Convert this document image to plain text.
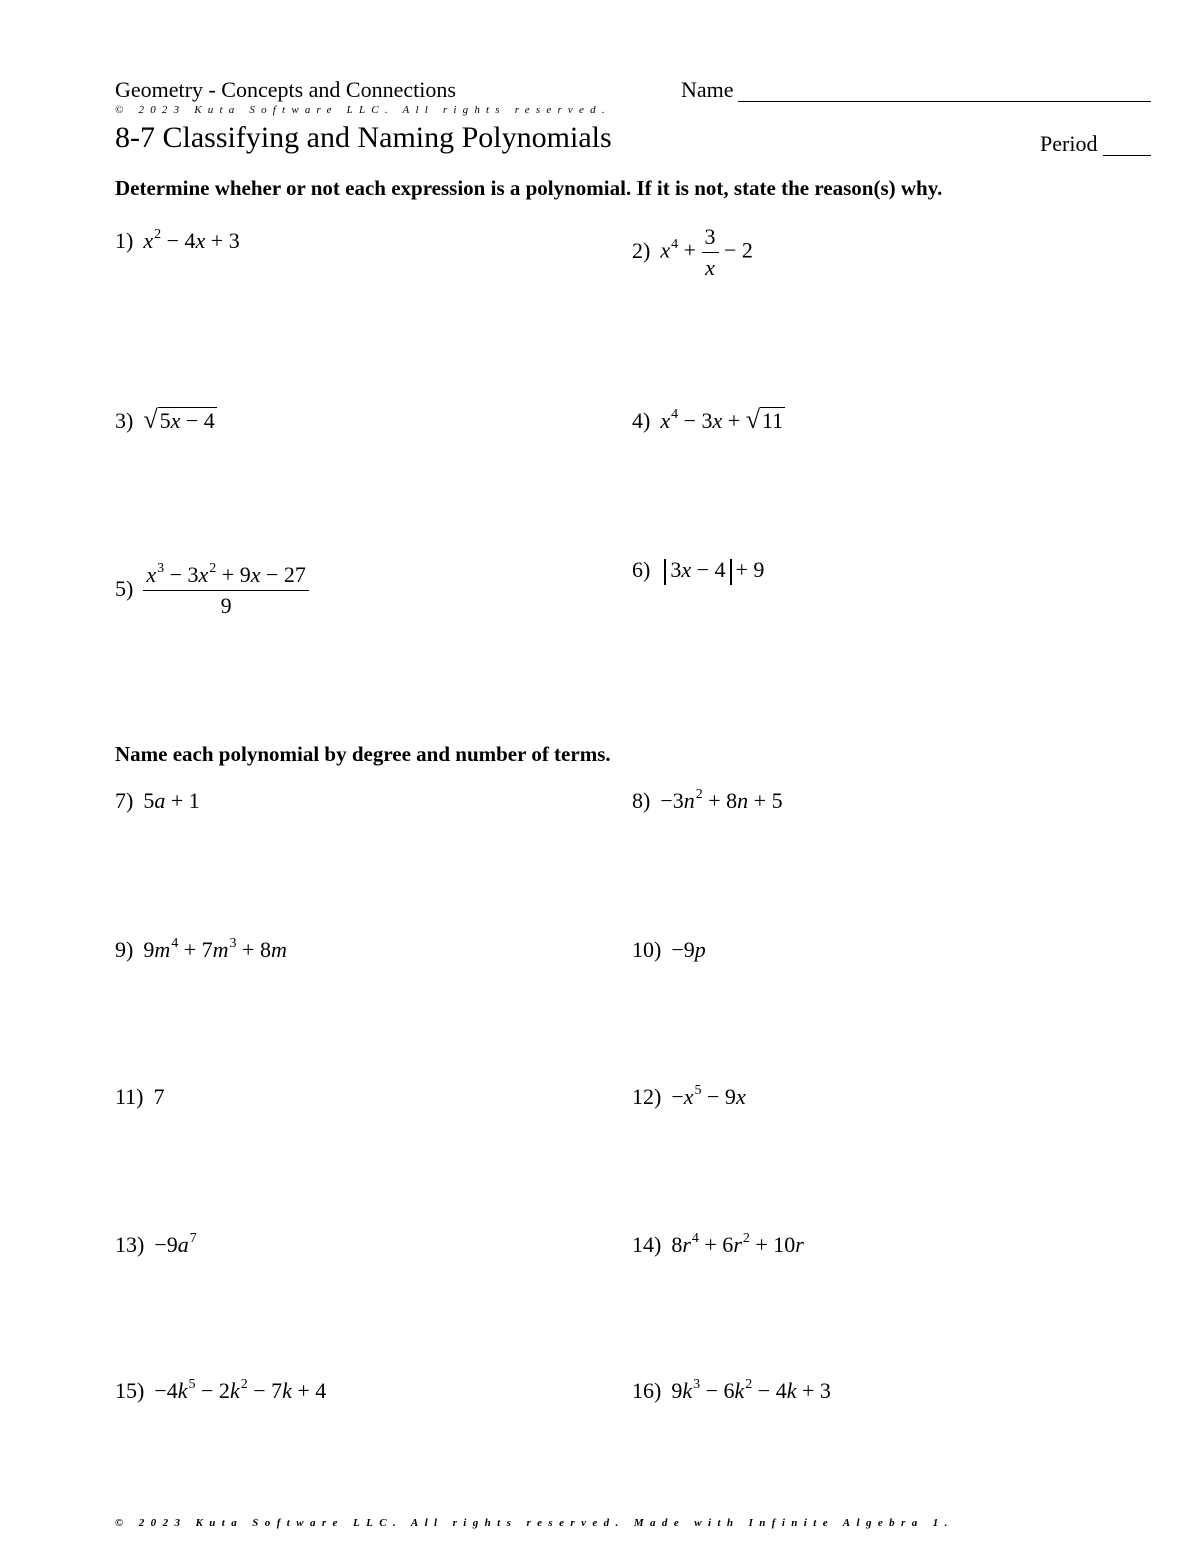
Geometry - Concepts and Connections	Name
© 2023 Kuta Software LLC. All rights reserved.
8-7 Classifying and Naming Polynomials	Period
Determine wheher or not each expression is a polynomial. If it is not, state the reason(s) why.
1) $x^2 - 4x + 3$	2) $x^4 + \frac{3}{x} - 2$
3) √5x − 4	4) $x^4 - 3x + √11$
$5) \frac{x^3 - 3x^2 + 9x - 27}{9}$	6) 3x − 4 + 9
Name each polynomial by degree and number of terms.
7) 5a + 1	$8) -3n^2 + 8n + 5$
9) $9m^4 + 7m^3 + 8m$	10) −9p
11) 7	$12) -x^5 - 9x$
$13) -9a^7$	14) $8r^4 + 6r^2 + 10r$
$15) -4k^5 - 2k^2 - 7k + 4$	16) $9k^3 - 6k^2 - 4k + 3$
© 2023 Kuta Software LLC. All rights reserved. Made with Infinite Algebra 1.
